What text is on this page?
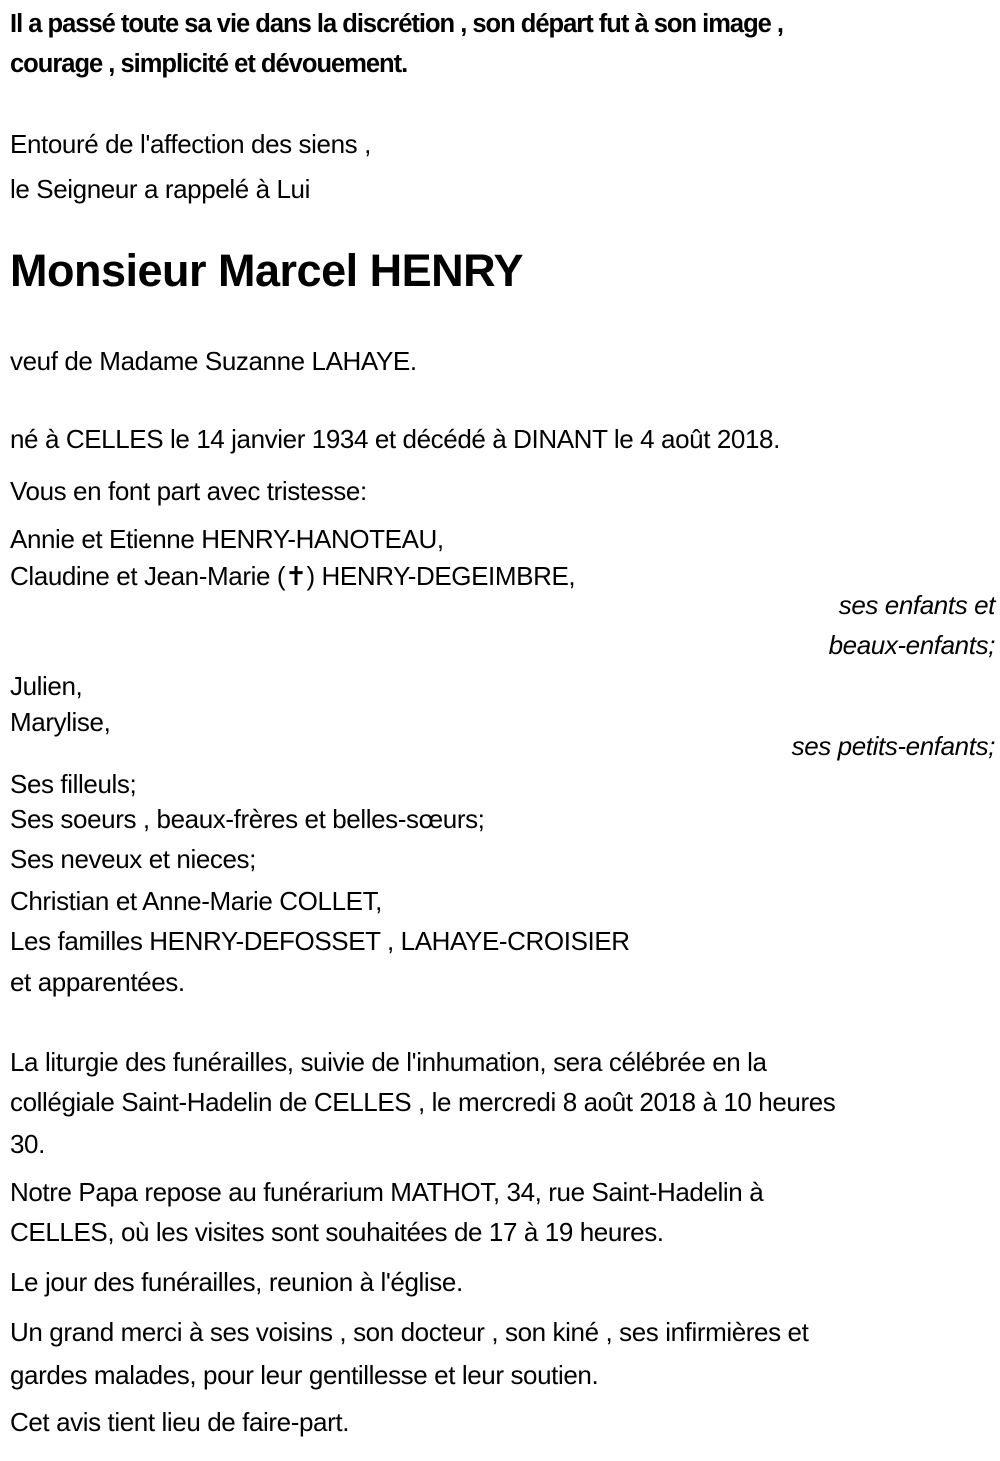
Il a passé toute sa vie dans la discrétion , son départ fut à son image ,
courage , simplicité et dévouement.
Entouré de l'affection des siens ,
le Seigneur a rappelé à Lui
Monsieur Marcel HENRY
veuf de Madame Suzanne LAHAYE.
né à CELLES le 14 janvier 1934 et décédé à DINANT le 4 août 2018.
Vous en font part avec tristesse:
Annie et Etienne HENRY-HANOTEAU,
Claudine et Jean-Marie (✝) HENRY-DEGEIMBRE,
ses enfants et
beaux-enfants;
Julien,
Marylise,
ses petits-enfants;
Ses filleuls;
Ses soeurs , beaux-frères et belles-sœurs;
Ses neveux et nieces;
Christian et Anne-Marie COLLET,
Les familles HENRY-DEFOSSET , LAHAYE-CROISIER
et apparentées.
La liturgie des funérailles, suivie de l'inhumation, sera célébrée en la
collégiale Saint-Hadelin de CELLES , le mercredi 8 août 2018 à 10 heures
30.
Notre Papa repose au funérarium MATHOT, 34, rue Saint-Hadelin à
CELLES, où les visites sont souhaitées de 17 à 19 heures.
Le jour des funérailles, reunion à l'église.
Un grand merci à ses voisins , son docteur , son kiné , ses infirmières et
gardes malades, pour leur gentillesse et leur soutien.
Cet avis tient lieu de faire-part.
